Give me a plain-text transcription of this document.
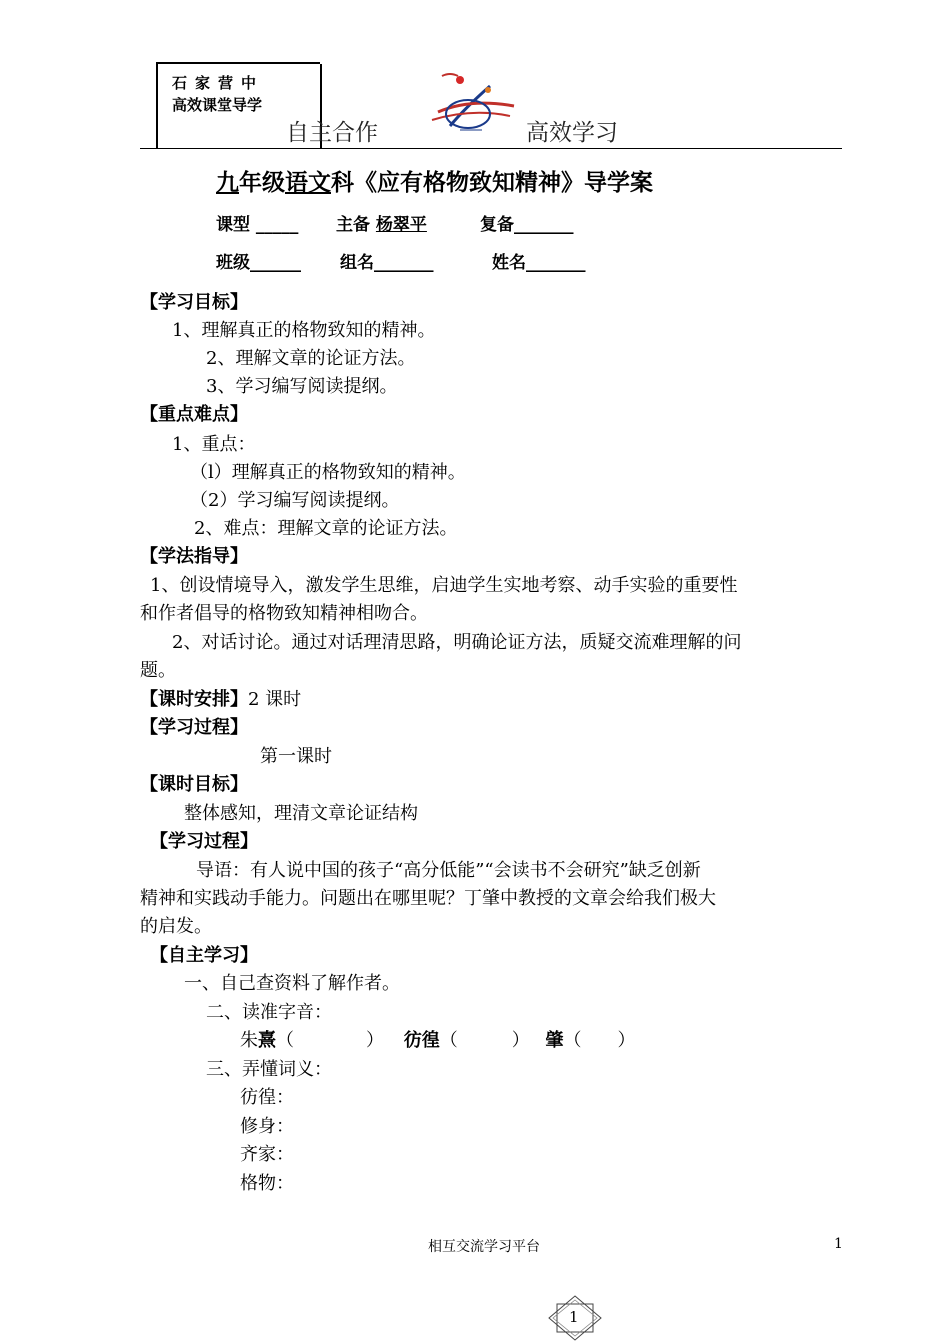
石家营中
高效课堂导学
自主合作	高效学习
九年级语文科《应有格物致知精神》导学案
课型 _____ 主备 杨翠平	复备_______
班级______ 组名_______	姓名_______
【学习目标】
1、理解真正的格物致知的精神。
2、理解文章的论证方法。
3、学习编写阅读提纲。
【重点难点】
1、重点：
（l）理解真正的格物致知的精神。
（2）学习编写阅读提纲。
2、难点：理解文章的论证方法。
【学法指导】
1、创设情境导入，激发学生思维，启迪学生实地考察、动手实验的重要性
和作者倡导的格物致知精神相吻合。
2、对话讨论。通过对话理清思路，明确论证方法，质疑交流难理解的问
题。
【课时安排】2 课时
【学习过程】
第一课时
【课时目标】
整体感知，理清文章论证结构
【学习过程】
导语：有人说中国的孩子“高分低能”“会读书不会研究”缺乏创新
精神和实践动手能力。问题出在哪里呢？丁肇中教授的文章会给我们极大
的启发。
【自主学习】
一、自己查资料了解作者。
二、读准字音：
朱熹（　　　　） 彷徨（　　　） 肇（　　）
三、弄懂词义：
彷徨：
修身：
齐家：
格物：
相互交流学习平台	1
1
